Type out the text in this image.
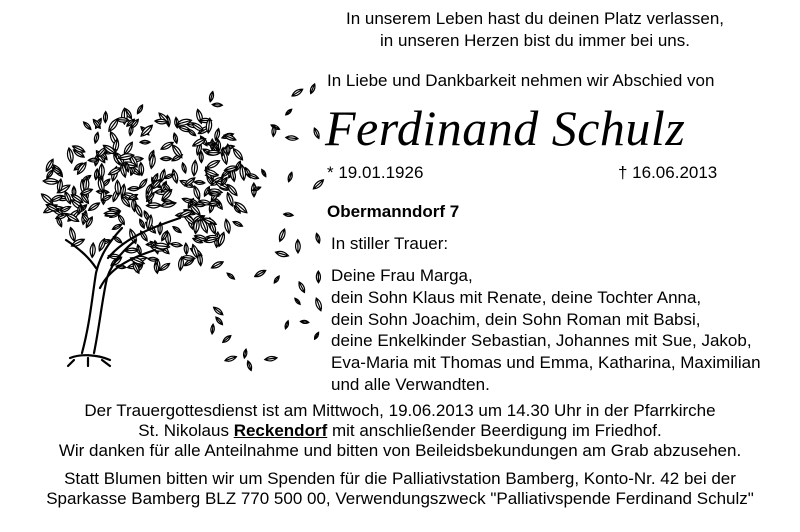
In unserem Leben hast du deinen Platz verlassen,
in unseren Herzen bist du immer bei uns.
In Liebe und Dankbarkeit nehmen wir Abschied von
Ferdinand Schulz
* 19.01.1926	† 16.06.2013
Obermanndorf 7
In stiller Trauer:
Deine Frau Marga,
dein Sohn Klaus mit Renate, deine Tochter Anna,
dein Sohn Joachim, dein Sohn Roman mit Babsi,
deine Enkelkinder Sebastian, Johannes mit Sue, Jakob,
Eva-Maria mit Thomas und Emma, Katharina, Maximilian
und alle Verwandten.
Der Trauergottesdienst ist am Mittwoch, 19.06.2013 um 14.30 Uhr in der Pfarrkirche
St. Nikolaus Reckendorf mit anschließender Beerdigung im Friedhof.
Wir danken für alle Anteilnahme und bitten von Beileidsbekundungen am Grab abzusehen.
Statt Blumen bitten wir um Spenden für die Palliativstation Bamberg, Konto-Nr. 42 bei der
Sparkasse Bamberg BLZ 770 500 00, Verwendungszweck "Palliativspende Ferdinand Schulz"
